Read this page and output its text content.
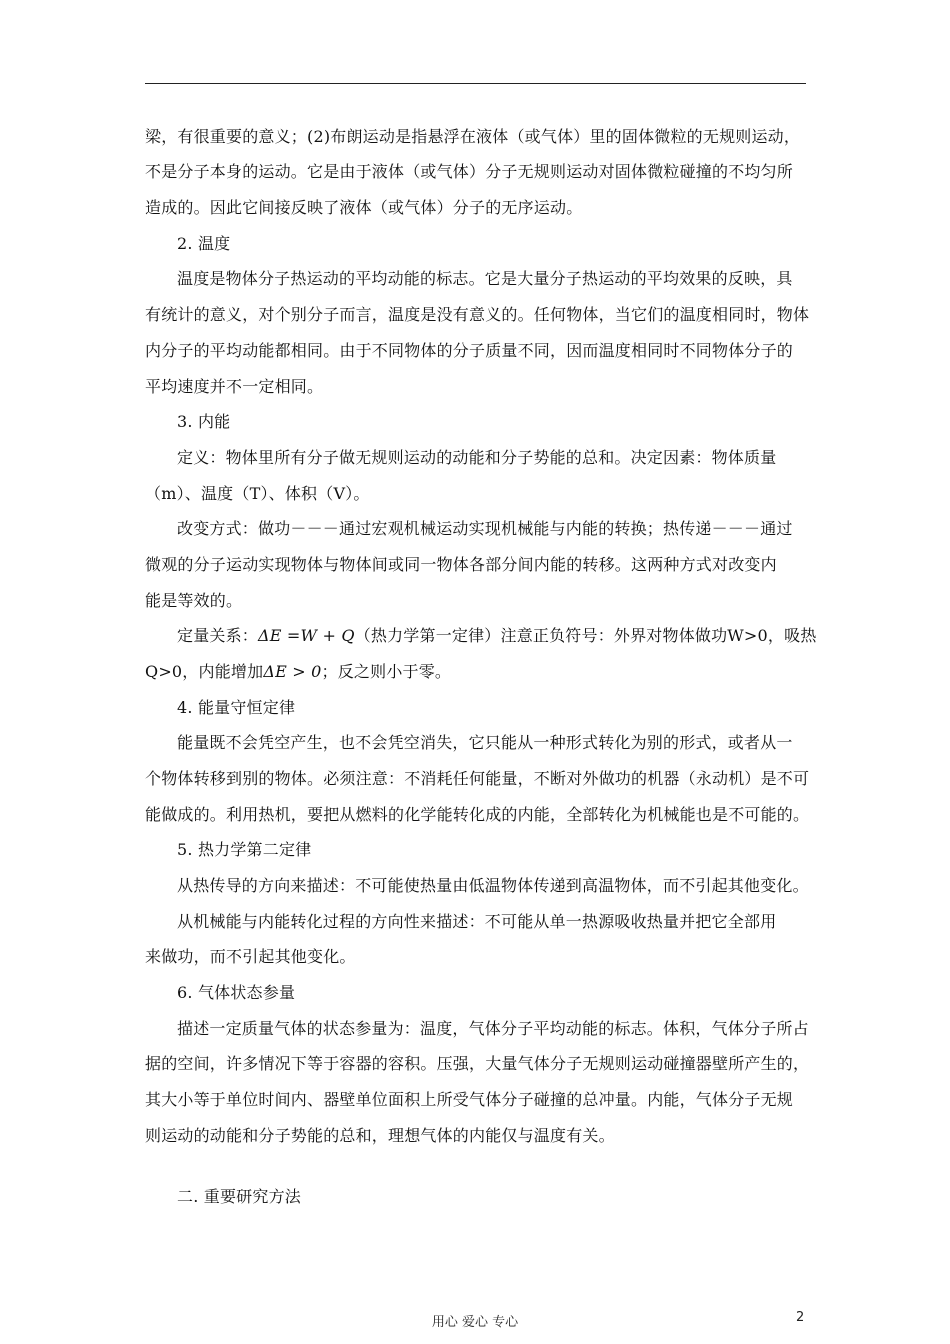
梁，有很重要的意义；(2)布朗运动是指悬浮在液体（或气体）里的固体微粒的无规则运动，
不是分子本身的运动。它是由于液体（或气体）分子无规则运动对固体微粒碰撞的不均匀所
造成的。因此它间接反映了液体（或气体）分子的无序运动。
2. 温度
温度是物体分子热运动的平均动能的标志。它是大量分子热运动的平均效果的反映，具
有统计的意义，对个别分子而言，温度是没有意义的。任何物体，当它们的温度相同时，物体
内分子的平均动能都相同。由于不同物体的分子质量不同，因而温度相同时不同物体分子的
平均速度并不一定相同。
3. 内能
定义：物体里所有分子做无规则运动的动能和分子势能的总和。决定因素：物体质量
（m）、温度（T）、体积（V）。
改变方式：做功－－－通过宏观机械运动实现机械能与内能的转换；热传递－－－通过
微观的分子运动实现物体与物体间或同一物体各部分间内能的转移。这两种方式对改变内
能是等效的。
定量关系：ΔE =W + Q（热力学第一定律）注意正负符号：外界对物体做功W>0，吸热
Q>0，内能增加ΔE > 0；反之则小于零。
4. 能量守恒定律
能量既不会凭空产生，也不会凭空消失，它只能从一种形式转化为别的形式，或者从一
个物体转移到别的物体。必须注意：不消耗任何能量，不断对外做功的机器（永动机）是不可
能做成的。利用热机，要把从燃料的化学能转化成的内能，全部转化为机械能也是不可能的。
5. 热力学第二定律
从热传导的方向来描述：不可能使热量由低温物体传递到高温物体，而不引起其他变化。
从机械能与内能转化过程的方向性来描述：不可能从单一热源吸收热量并把它全部用
来做功，而不引起其他变化。
6. 气体状态参量
描述一定质量气体的状态参量为：温度，气体分子平均动能的标志。体积，气体分子所占
据的空间，许多情况下等于容器的容积。压强，大量气体分子无规则运动碰撞器壁所产生的，
其大小等于单位时间内、器壁单位面积上所受气体分子碰撞的总冲量。内能，气体分子无规
则运动的动能和分子势能的总和，理想气体的内能仅与温度有关。
二. 重要研究方法
用心 爱心 专心	2
